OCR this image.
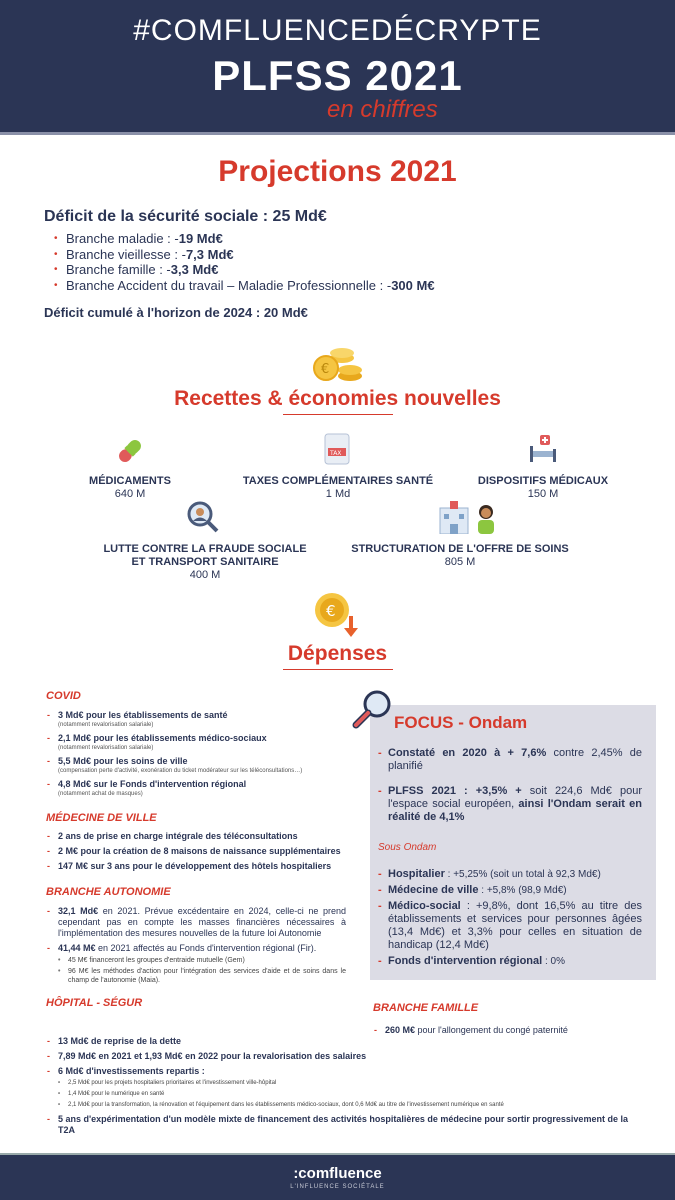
#COMFLUENCEDÉCRYPTE
PLFSS 2021
en chiffres
Projections 2021
Déficit de la sécurité sociale : 25 Md€
• Branche maladie : -19 Md€
• Branche vieillesse : -7,3 Md€
• Branche famille : -3,3 Md€
• Branche Accident du travail – Maladie Professionnelle : -300 M€
Déficit cumulé à l'horizon de 2024 : 20 Md€
€
Recettes & économies nouvelles
TAX
MÉDICAMENTS
640 M
TAXES COMPLÉMENTAIRES SANTÉ
1 Md
DISPOSITIFS MÉDICAUX
150 M
LUTTE CONTRE LA FRAUDE SOCIALE
ET TRANSPORT SANITAIRE
400 M
STRUCTURATION DE L'OFFRE DE SOINS
805 M
€
Dépenses
COVID
- 3 Md€ pour les établissements de santé
(notamment revalorisation salariale)
- 2,1 Md€ pour les établissements médico-sociaux
(notamment revalorisation salariale)
- 5,5 Md€ pour les soins de ville
(compensation perte d'activité, exonération du ticket modérateur sur les téléconsultations…)
- 4,8 Md€ sur le Fonds d'intervention régional
(notamment achat de masques)
MÉDECINE DE VILLE
- 2 ans de prise en charge intégrale des téléconsultations
- 2 M€ pour la création de 8 maisons de naissance supplémentaires
- 147 M€ sur 3 ans pour le développement des hôtels hospitaliers
BRANCHE AUTONOMIE
- 32,1 Md€ en 2021. Prévue excédentaire en 2024, celle-ci ne prend cependant pas en compte les masses financières nécessaires à l'implémentation des mesures nouvelles de la future loi Autonomie
- 41,44 M€ en 2021 affectés au Fonds d'intervention régional (Fir).
• 45 M€ financeront les groupes d'entraide mutuelle (Gem)
• 96 M€ les méthodes d'action pour l'intégration des services d'aide et de soins dans le champ de l'autonomie (Maia).
HÔPITAL - SÉGUR
- 13 Md€ de reprise de la dette
- 7,89 Md€ en 2021 et 1,93 Md€ en 2022 pour la revalorisation des salaires
- 6 Md€ d'investissements repartis :
• 2,5 Md€ pour les projets hospitaliers prioritaires et l'investissement ville-hôpital
• 1,4 Md€ pour le numérique en santé
• 2,1 Md€ pour la transformation, la rénovation et l'équipement dans les établissements médico-sociaux, dont 0,6 Md€ au titre de l'investissement numérique en santé
- 5 ans d'expérimentation d'un modèle mixte de financement des activités hospitalières de médecine pour sortir progressivement de la T2A
FOCUS - Ondam
- Constaté en 2020 à + 7,6% contre 2,45% de planifié
- PLFSS 2021 : +3,5% + soit 224,6 Md€ pour l'espace social européen, ainsi l'Ondam serait en réalité de 4,1%
Sous Ondam
- Hospitalier : +5,25% (soit un total à 92,3 Md€)
- Médecine de ville : +5,8% (98,9 Md€)
- Médico-social : +9,8%, dont 16,5% au titre des établissements et services pour personnes âgées (13,4 Md€) et 3,3% pour celles en situation de handicap (12,4 Md€)
- Fonds d'intervention régional : 0%
BRANCHE FAMILLE
- 260 M€ pour l'allongement du congé paternité
:comfluence
L'INFLUENCE SOCIÉTALE
